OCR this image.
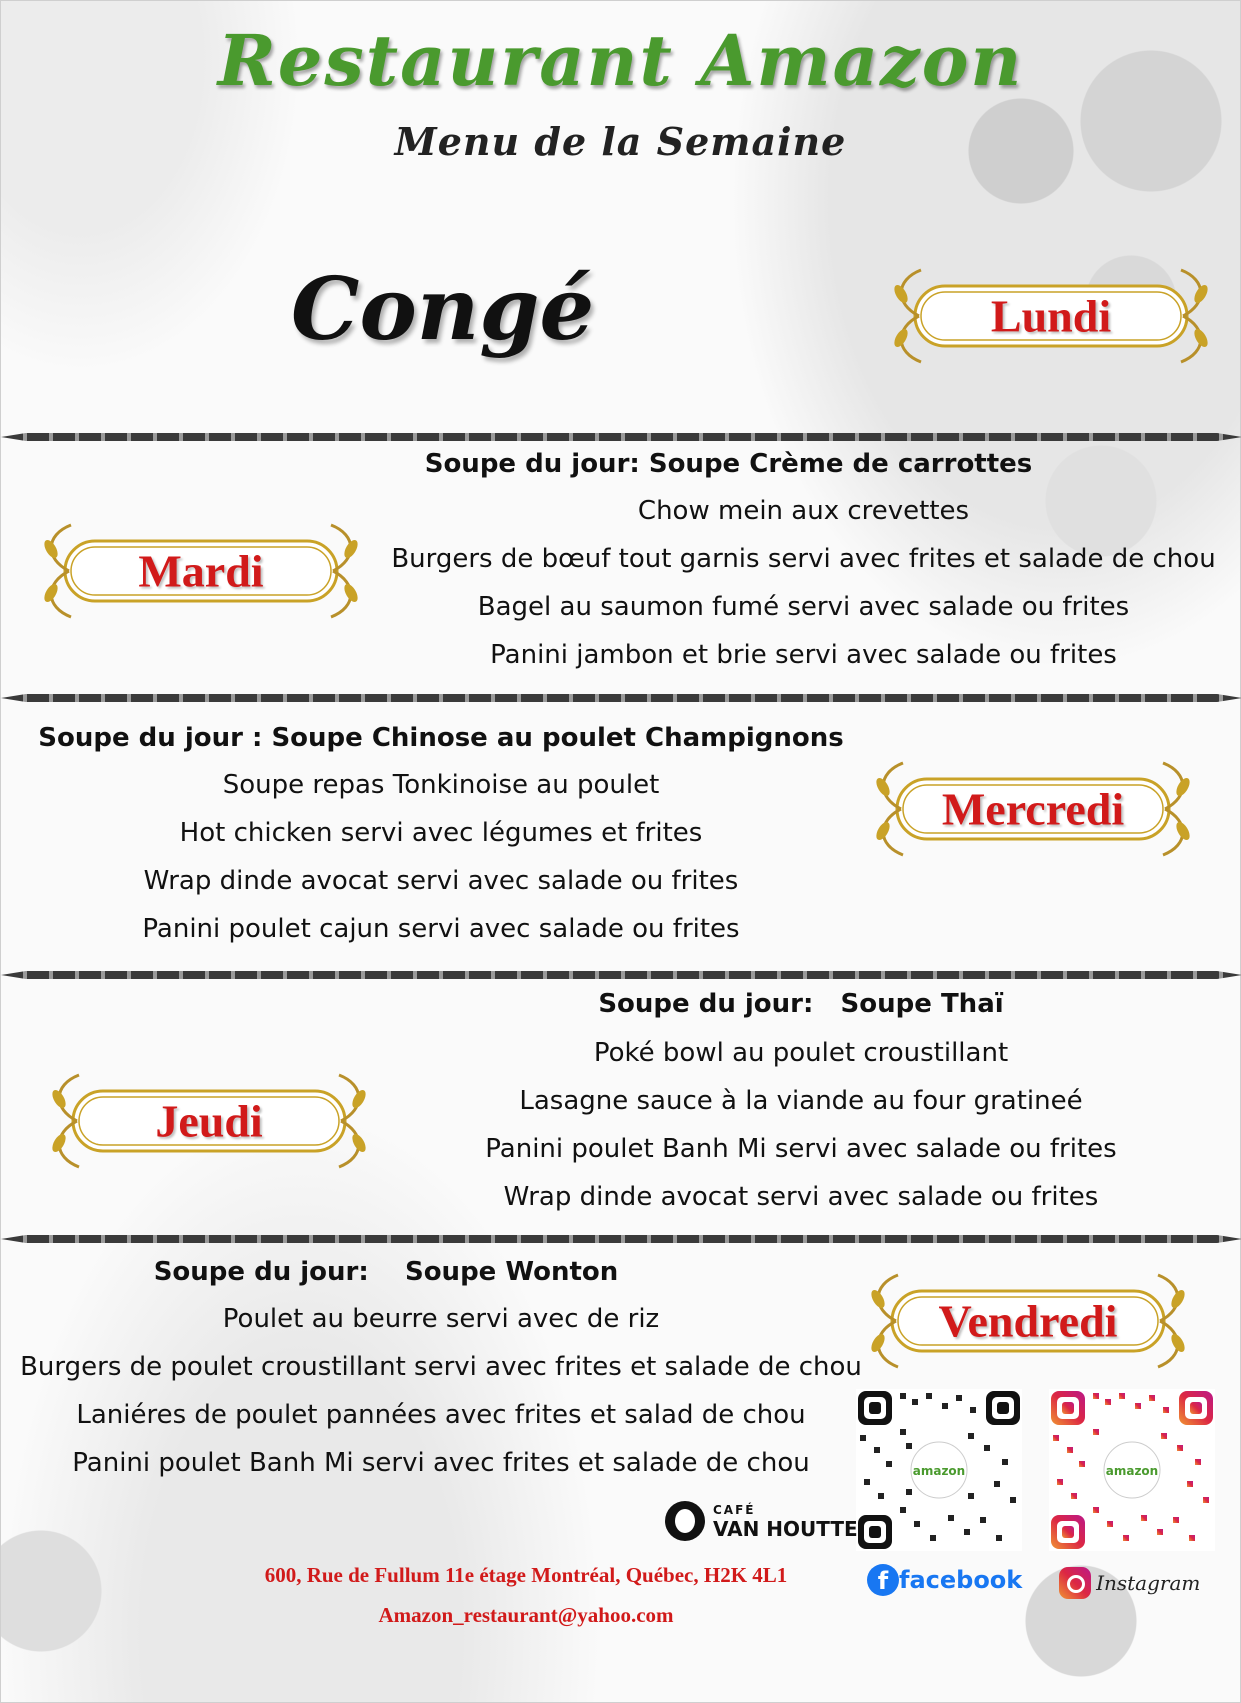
Restaurant Amazon
Menu de la Semaine
Congé	Lundi
Mardi
Soupe du jour: Soupe Crème de carrottes
Chow mein aux crevettes
Burgers de bœuf tout garnis servi avec frites et salade de chou
Bagel au saumon fumé servi avec salade ou frites
Panini jambon et brie servi avec salade ou frites
Soupe du jour : Soupe Chinose au poulet Champignons
Soupe repas Tonkinoise au poulet
Hot chicken servi avec légumes et frites
Wrap dinde avocat servi avec salade ou frites
Panini poulet cajun servi avec salade ou frites
Mercredi
Jeudi
Soupe du jour:   Soupe Thaï
Poké bowl au poulet croustillant
Lasagne sauce à la viande au four gratineé
Panini poulet Banh Mi servi avec salade ou frites
Wrap dinde avocat servi avec salade ou frites
Soupe du jour:    Soupe Wonton
Poulet au beurre servi avec de riz
Burgers de poulet croustillant servi avec frites et salade de chou
Laniéres de poulet pannées avec frites et salad de chou
Panini poulet Banh Mi servi avec frites et salade de chou
Vendredi
amazon	amazon
f facebook	Instagram
CAFÉ
VAN HOUTTE
600, Rue de Fullum 11e étage Montréal, Québec, H2K 4L1
Amazon_restaurant@yahoo.com
